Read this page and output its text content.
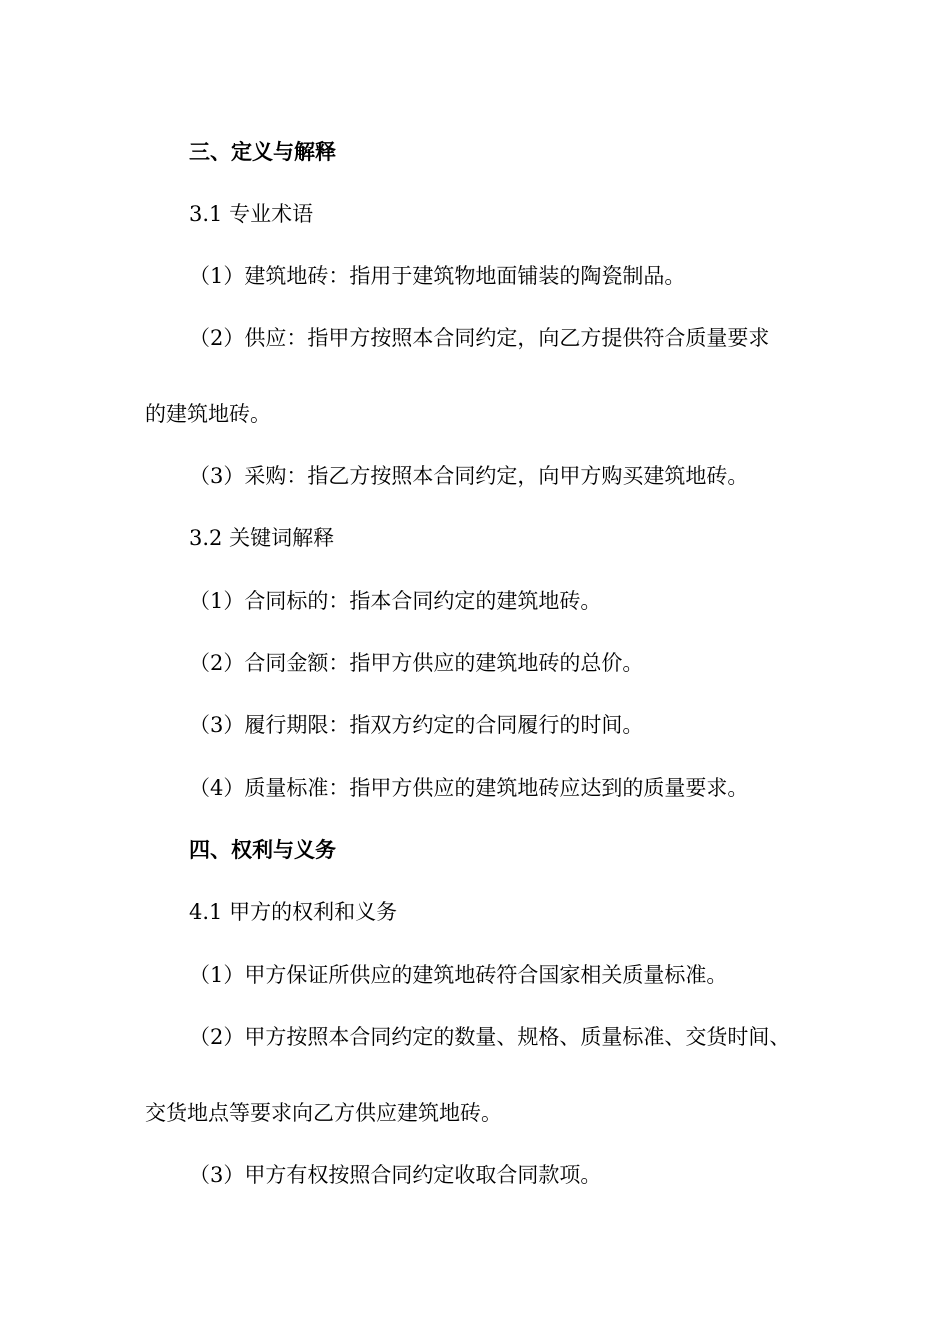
三、定义与解释
3.1 专业术语
（1）建筑地砖：指用于建筑物地面铺装的陶瓷制品。
（2）供应：指甲方按照本合同约定，向乙方提供符合质量要求
的建筑地砖。
（3）采购：指乙方按照本合同约定，向甲方购买建筑地砖。
3.2 关键词解释
（1）合同标的：指本合同约定的建筑地砖。
（2）合同金额：指甲方供应的建筑地砖的总价。
（3）履行期限：指双方约定的合同履行的时间。
（4）质量标准：指甲方供应的建筑地砖应达到的质量要求。
四、权利与义务
4.1 甲方的权利和义务
（1）甲方保证所供应的建筑地砖符合国家相关质量标准。
（2）甲方按照本合同约定的数量、规格、质量标准、交货时间、
交货地点等要求向乙方供应建筑地砖。
（3）甲方有权按照合同约定收取合同款项。
